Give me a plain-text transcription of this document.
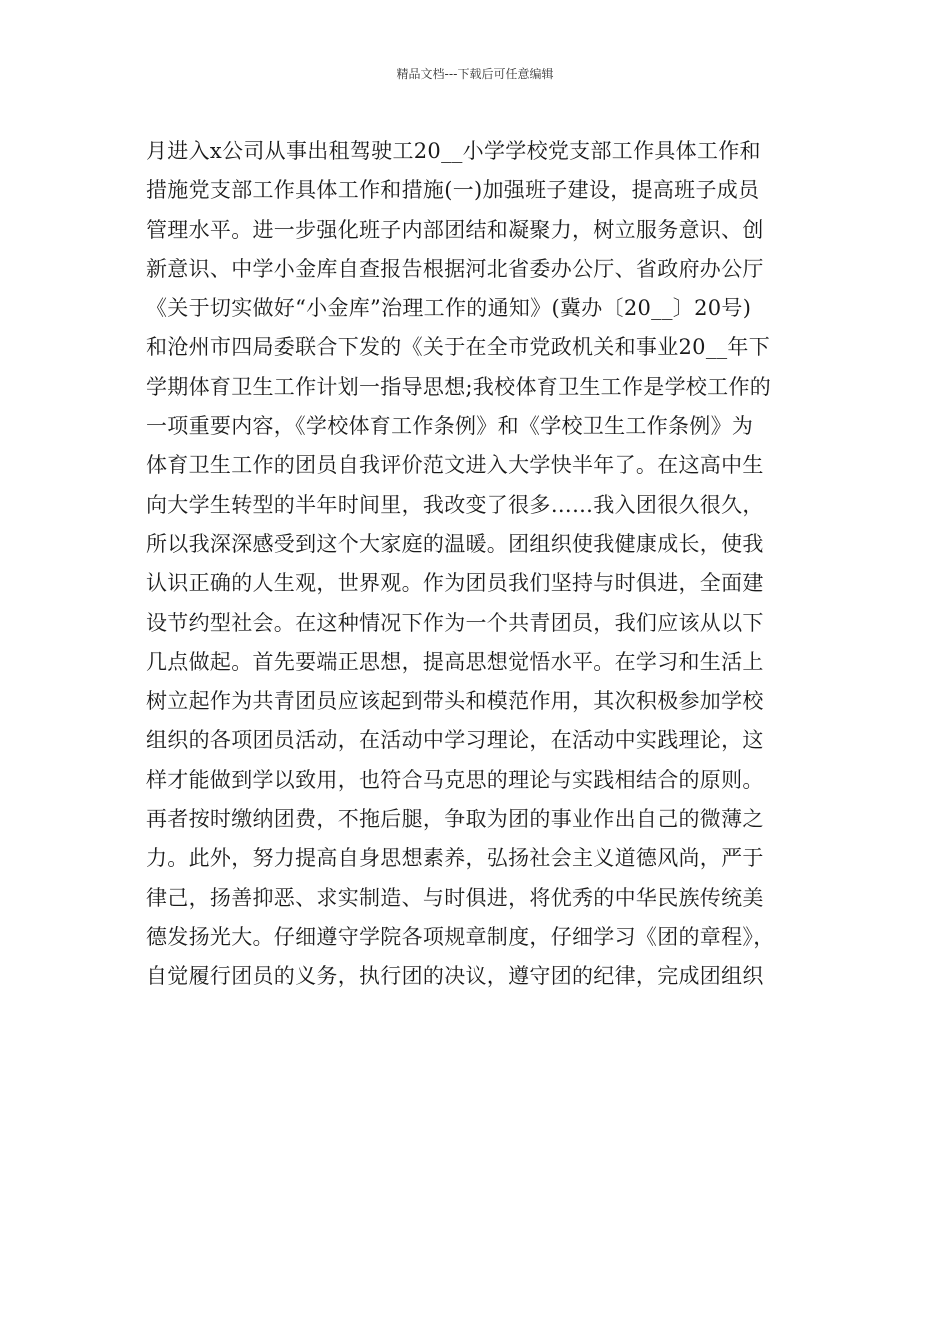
精品文档---下载后可任意编辑
月进入x公司从事出租驾驶工20__小学学校党支部工作具体工作和
措施党支部工作具体工作和措施(一)加强班子建设，提高班子成员
管理水平。进一步强化班子内部团结和凝聚力，树立服务意识、创
新意识、中学小金库自查报告根据河北省委办公厅、省政府办公厅
《关于切实做好“小金库”治理工作的通知》(冀办〔20__〕20号)
和沧州市四局委联合下发的《关于在全市党政机关和事业20__年下
学期体育卫生工作计划一指导思想;我校体育卫生工作是学校工作的
一项重要内容，《学校体育工作条例》和《学校卫生工作条例》为
体育卫生工作的团员自我评价范文进入大学快半年了。在这高中生
向大学生转型的半年时间里，我改变了很多……我入团很久很久，
所以我深深感受到这个大家庭的温暖。团组织使我健康成长，使我
认识正确的人生观，世界观。作为团员我们坚持与时俱进，全面建
设节约型社会。在这种情况下作为一个共青团员，我们应该从以下
几点做起。首先要端正思想，提高思想觉悟水平。在学习和生活上
树立起作为共青团员应该起到带头和模范作用，其次积极参加学校
组织的各项团员活动，在活动中学习理论，在活动中实践理论，这
样才能做到学以致用，也符合马克思的理论与实践相结合的原则。
再者按时缴纳团费，不拖后腿，争取为团的事业作出自己的微薄之
力。此外，努力提高自身思想素养，弘扬社会主义道德风尚，严于
律己，扬善抑恶、求实制造、与时俱进，将优秀的中华民族传统美
德发扬光大。仔细遵守学院各项规章制度，仔细学习《团的章程》，
自觉履行团员的义务，执行团的决议，遵守团的纪律，完成团组织
